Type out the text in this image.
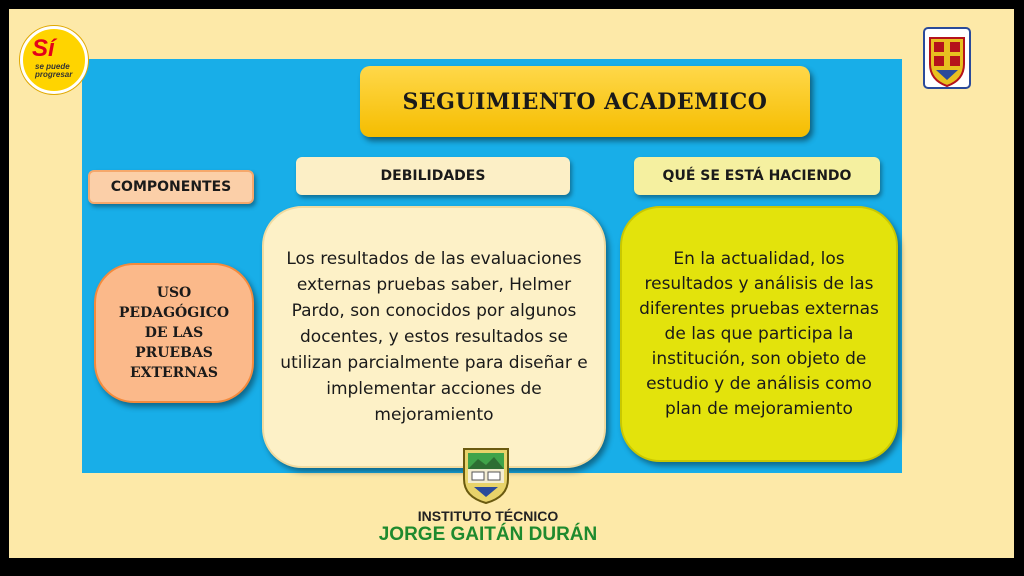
Sí
se puede progresar
SEGUIMIENTO ACADEMICO
COMPONENTES
DEBILIDADES	QUÉ SE ESTÁ HACIENDO
USO PEDAGÓGICO DE LAS PRUEBAS EXTERNAS
Los resultados de las evaluaciones externas pruebas saber, Helmer Pardo, son conocidos por algunos docentes, y estos resultados se utilizan parcialmente para diseñar e implementar acciones de mejoramiento
En la actualidad, los resultados y análisis de las diferentes pruebas externas de las que participa la institución, son objeto de estudio y de análisis como plan de mejoramiento
INSTITUTO TÉCNICO
JORGE GAITÁN DURÁN
